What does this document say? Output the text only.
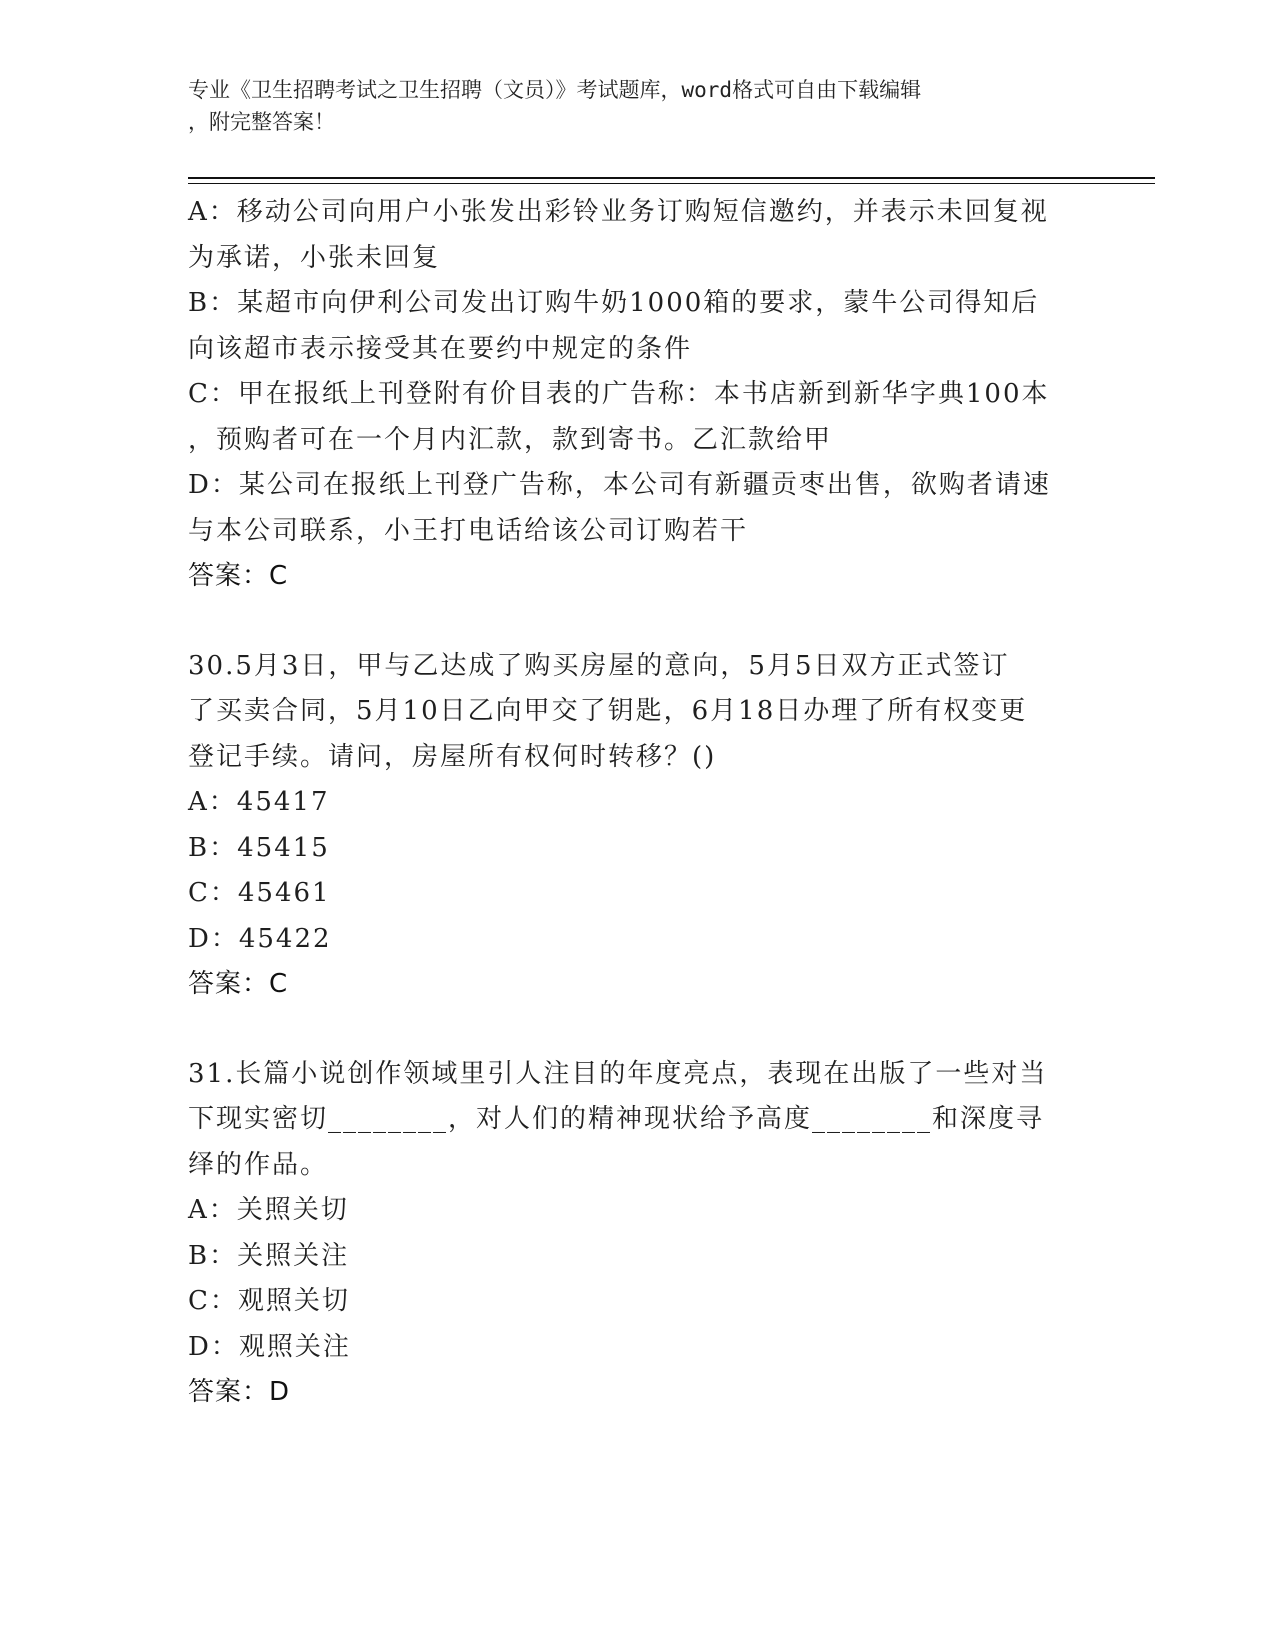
专业《卫生招聘考试之卫生招聘（文员）》考试题库，word格式可自由下载编辑
，附完整答案！
A：移动公司向用户小张发出彩铃业务订购短信邀约，并表示未回复视
为承诺，小张未回复
B：某超市向伊利公司发出订购牛奶1000箱的要求，蒙牛公司得知后
向该超市表示接受其在要约中规定的条件
C：甲在报纸上刊登附有价目表的广告称：本书店新到新华字典100本
，预购者可在一个月内汇款，款到寄书。乙汇款给甲
D：某公司在报纸上刊登广告称，本公司有新疆贡枣出售，欲购者请速
与本公司联系，小王打电话给该公司订购若干
答案：C
30.5月3日，甲与乙达成了购买房屋的意向，5月5日双方正式签订
了买卖合同，5月10日乙向甲交了钥匙，6月18日办理了所有权变更
登记手续。请问，房屋所有权何时转移？()
A：45417
B：45415
C：45461
D：45422
答案：C
31.长篇小说创作领域里引人注目的年度亮点，表现在出版了一些对当
下现实密切________，对人们的精神现状给予高度________和深度寻
绎的作品。
A：关照关切
B：关照关注
C：观照关切
D：观照关注
答案：D
